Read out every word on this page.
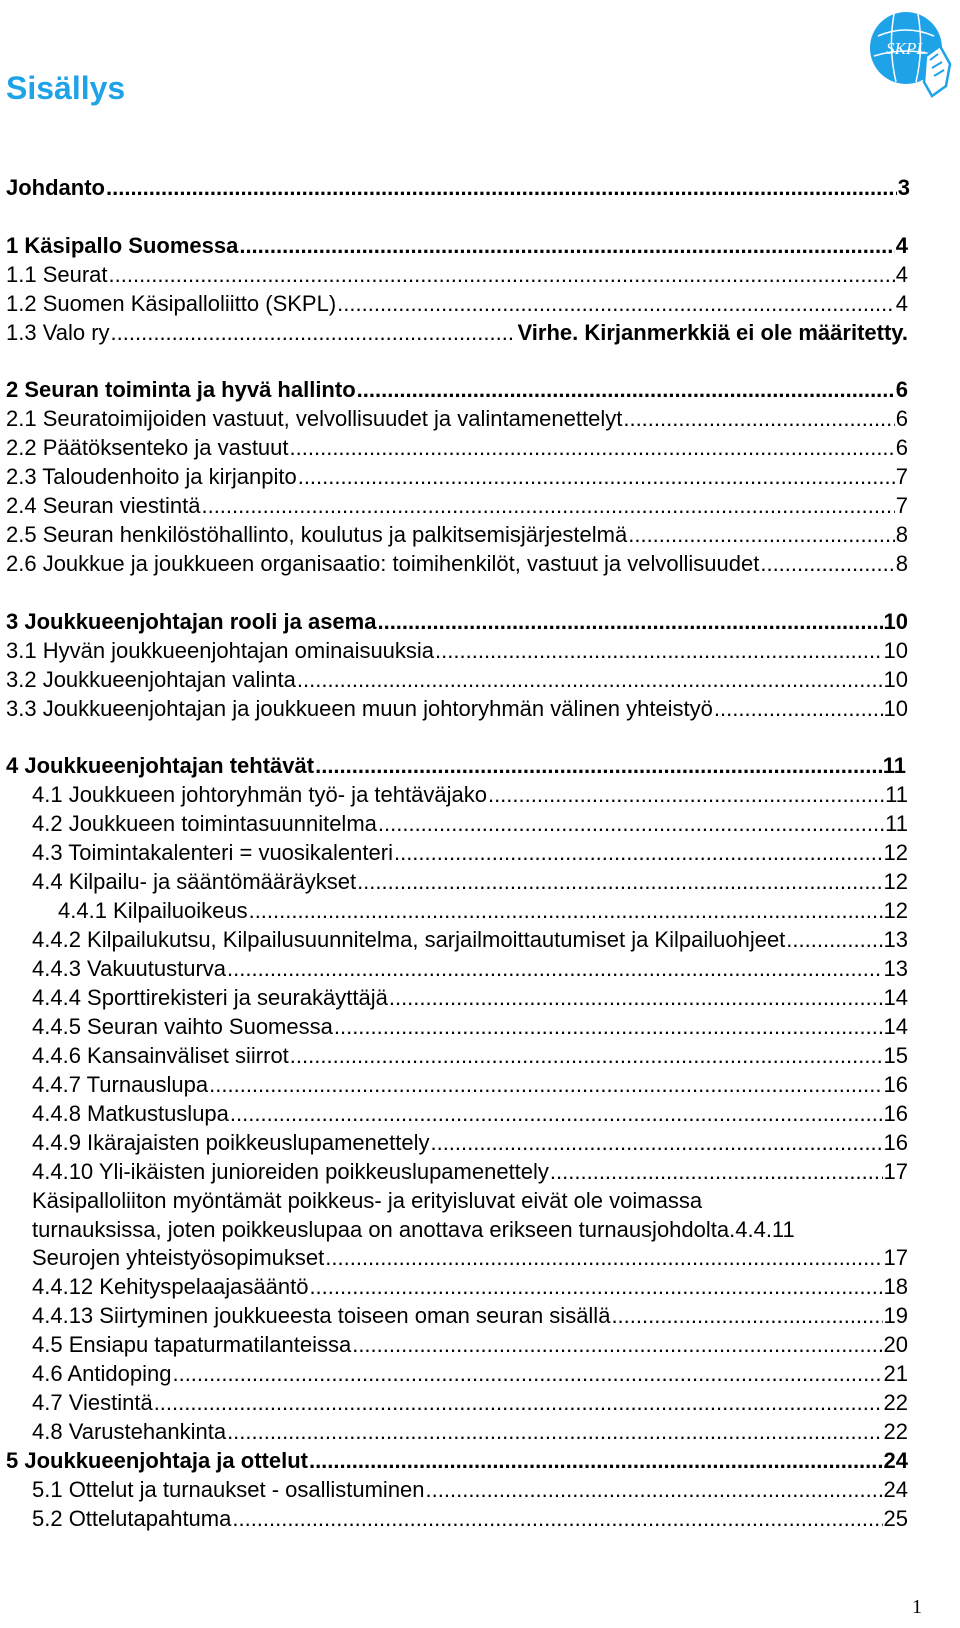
Sisällys
SKPL
Johdanto .....	3
1 Käsipallo Suomessa .....	4
1.1 Seurat .....	4
1.2 Suomen Käsipalloliitto (SKPL) .....	4
1.3 Valo ry .....	Virhe. Kirjanmerkkiä ei ole määritetty.
2 Seuran toiminta ja hyvä hallinto .....	6
2.1 Seuratoimijoiden vastuut, velvollisuudet ja valintamenettelyt .....	6
2.2 Päätöksenteko ja vastuut .....	6
2.3 Taloudenhoito ja kirjanpito .....	7
2.4 Seuran viestintä .....	7
2.5 Seuran henkilöstöhallinto, koulutus ja palkitsemisjärjestelmä .....	8
2.6 Joukkue ja joukkueen organisaatio: toimihenkilöt, vastuut ja velvollisuudet .....	8
3 Joukkueenjohtajan rooli ja asema .....	10
3.1 Hyvän joukkueenjohtajan ominaisuuksia .....	10
3.2 Joukkueenjohtajan valinta .....	10
3.3 Joukkueenjohtajan ja joukkueen muun johtoryhmän välinen yhteistyö .....	10
4 Joukkueenjohtajan tehtävät .....	11
4.1 Joukkueen johtoryhmän työ- ja tehtäväjako .....	11
4.2 Joukkueen toimintasuunnitelma .....	11
4.3 Toimintakalenteri = vuosikalenteri .....	12
4.4 Kilpailu- ja sääntömääräykset .....	12
4.4.1 Kilpailuoikeus .....	12
4.4.2 Kilpailukutsu, Kilpailusuunnitelma, sarjailmoittautumiset ja Kilpailuohjeet .....	13
4.4.3 Vakuutusturva .....	13
4.4.4 Sporttirekisteri ja seurakäyttäjä .....	14
4.4.5 Seuran vaihto Suomessa .....	14
4.4.6 Kansainväliset siirrot .....	15
4.4.7 Turnauslupa .....	16
4.4.8 Matkustuslupa .....	16
4.4.9 Ikärajaisten poikkeuslupamenettely .....	16
4.4.10 Yli-ikäisten junioreiden poikkeuslupamenettely .....	17
Käsipalloliiton myöntämät poikkeus- ja erityisluvat eivät ole voimassa
turnauksissa, joten poikkeuslupaa on anottava erikseen turnausjohdolta.4.4.11
Seurojen yhteistyösopimukset .....	17
4.4.12 Kehityspelaajasääntö .....	18
4.4.13 Siirtyminen joukkueesta toiseen oman seuran sisällä .....	19
4.5 Ensiapu tapaturmatilanteissa .....	20
4.6 Antidoping .....	21
4.7 Viestintä .....	22
4.8 Varustehankinta .....	22
5 Joukkueenjohtaja ja ottelut .....	24
5.1 Ottelut ja turnaukset - osallistuminen .....	24
5.2 Ottelutapahtuma .....	25
1
